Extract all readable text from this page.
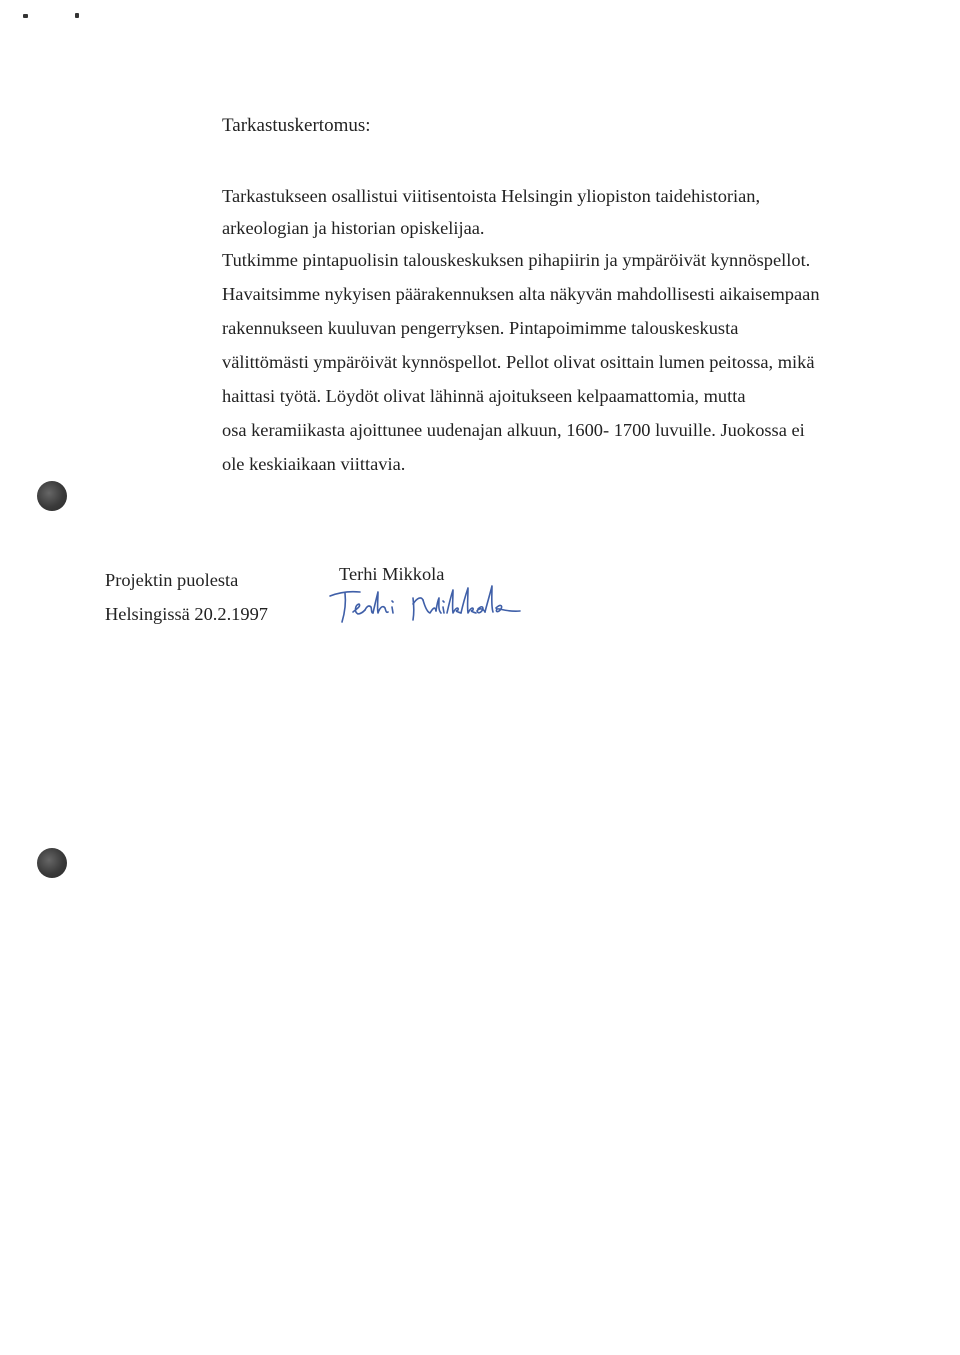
Tarkastuskertomus:
Tarkastukseen osallistui viitisentoista Helsingin yliopiston taidehistorian,
arkeologian ja historian opiskelijaa.
Tutkimme pintapuolisin talouskeskuksen pihapiirin ja ympäröivät kynnöspellot.
Havaitsimme nykyisen päärakennuksen alta näkyvän mahdollisesti aikaisempaan
rakennukseen kuuluvan pengerryksen. Pintapoimimme talouskeskusta
välittömästi ympäröivät kynnöspellot. Pellot olivat osittain lumen peitossa, mikä
haittasi työtä. Löydöt olivat lähinnä ajoitukseen kelpaamattomia, mutta
osa keramiikasta ajoittunee uudenajan alkuun, 1600- 1700 luvuille. Juokossa ei
ole keskiaikaan viittavia.
Projektin puolesta
Helsingissä 20.2.1997
Terhi Mikkola
